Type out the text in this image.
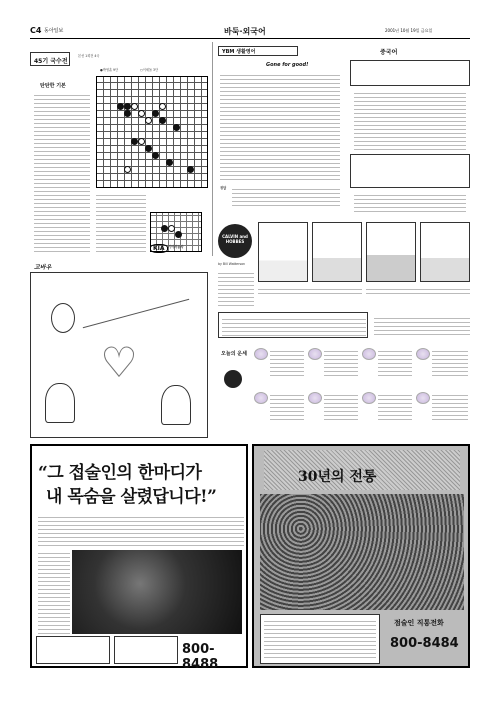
C4 동아일보	바둑·외국어	2001년 10월 19일 금요일
45기 국수전
본선 1회전 4국
●박영훈 9단	○이세돌 3단
탄탄한 기본
KIA	기아자동차
YBM 생활영어
Gone for good!
정답
중국어
CALVIN and HOBBES
by Bill Watterson
고바우
♡	오늘의 운세
“그 접술인의 한마디가
내 목숨을 살렸답니다!”
800-8488
30년의 전통
점술인 직통전화
800-8484
